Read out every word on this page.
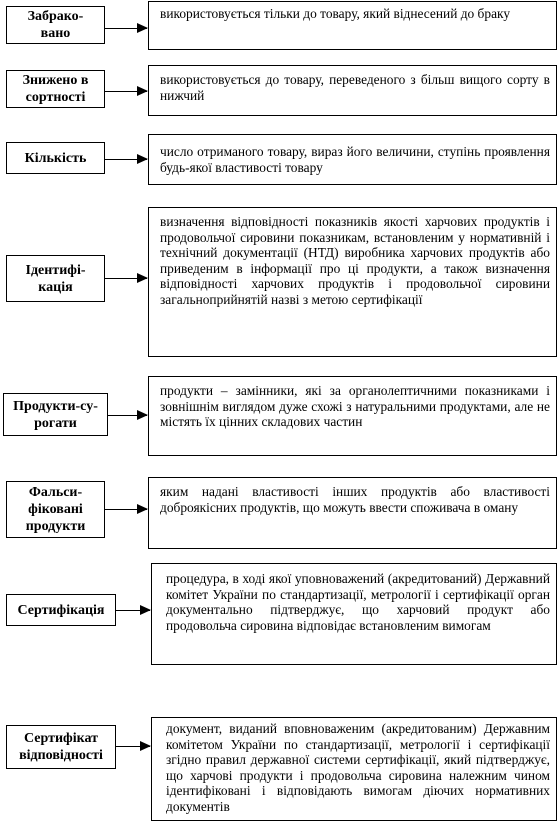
Забрако-
вано
використовується тільки до товару, який віднесений до браку
Знижено в
сортності
використовується до товару, переведеного з більш вищого сорту в нижчий
Кількість	число отриманого товару, вираз його величини, ступінь проявлення будь-якої властивості товару
Ідентифі-
кація
визначення відповідності показників якості харчових продуктів і продовольчої сировини показникам, встановленим у нормативній і технічний документації (НТД) виробника харчових продуктів або приведеним в інформації про ці продукти, а також визначення відповідності харчових продуктів і продовольчої сировини загальноприйнятій назві з метою сертифікації
Продукти-су-
рогати
продукти – замінники, які за органолептичними показниками і зовнішнім виглядом дуже схожі з натуральними продуктами, але не містять їх цінних складових частин
Фальси-
фіковані
продукти
яким надані властивості інших продуктів або властивості доброякісних продуктів, що можуть ввести споживача в оману
Сертифікація
процедура, в ході якої уповноважений (акредитований) Державний комітет України по стандартизації, метрології і сертифікації орган документально підтверджує, що харчовий продукт або продовольча сировина відповідає встановленим вимогам
Сертифікат
відповідності
документ, виданий вповноваженим (акредитованим) Державним комітетом України по стандартизації, метрології і сертифікації згідно правил державної системи сертифікації, який підтверджує, що харчові продукти і продовольча сировина належним чином ідентифіковані і відповідають вимогам діючих нормативних документів
